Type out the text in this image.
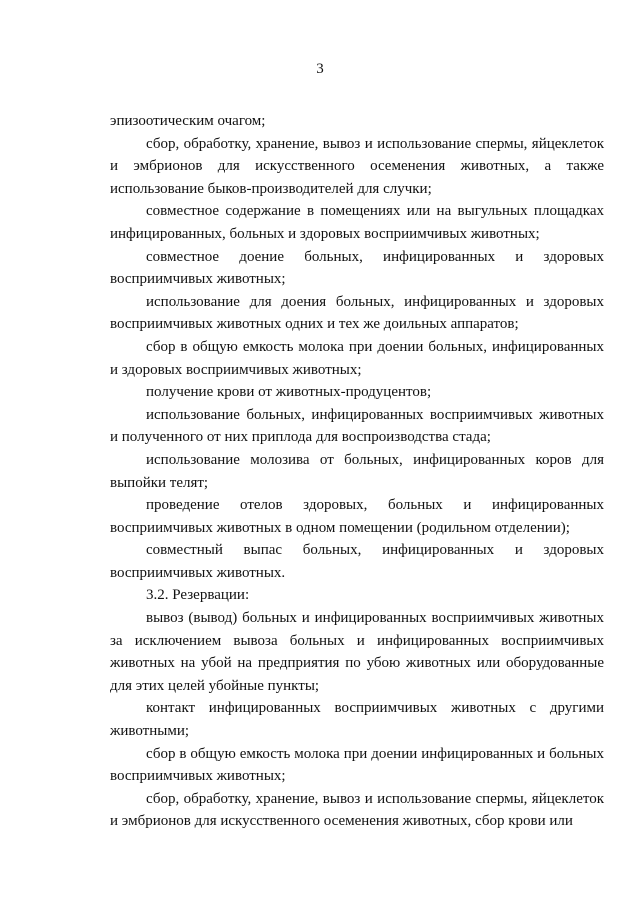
3

эпизоотическим очагом;

сбор, обработку, хранение, вывоз и использование спермы, яйцеклеток и эмбрионов для искусственного осеменения животных, а также использование быков-производителей для случки;

совместное содержание в помещениях или на выгульных площадках инфицированных, больных и здоровых восприимчивых животных;

совместное доение больных, инфицированных и здоровых восприимчивых животных;

использование для доения больных, инфицированных и здоровых восприимчивых животных одних и тех же доильных аппаратов;

сбор в общую емкость молока при доении больных, инфицированных и здоровых восприимчивых животных;

получение крови от животных-продуцентов;

использование больных, инфицированных восприимчивых животных и полученного от них приплода для воспроизводства стада;

использование молозива от больных, инфицированных коров для выпойки телят;

проведение отелов здоровых, больных и инфицированных восприимчивых животных в одном помещении (родильном отделении);

совместный выпас больных, инфицированных и здоровых восприимчивых животных.

3.2. Резервации:

вывоз (вывод) больных и инфицированных восприимчивых животных за исключением вывоза больных и инфицированных восприимчивых животных на убой на предприятия по убою животных или оборудованные для этих целей убойные пункты;

контакт инфицированных восприимчивых животных с другими животными;

сбор в общую емкость молока при доении инфицированных и больных восприимчивых животных;

сбор, обработку, хранение, вывоз и использование спермы, яйцеклеток и эмбрионов для искусственного осеменения животных, сбор крови или
